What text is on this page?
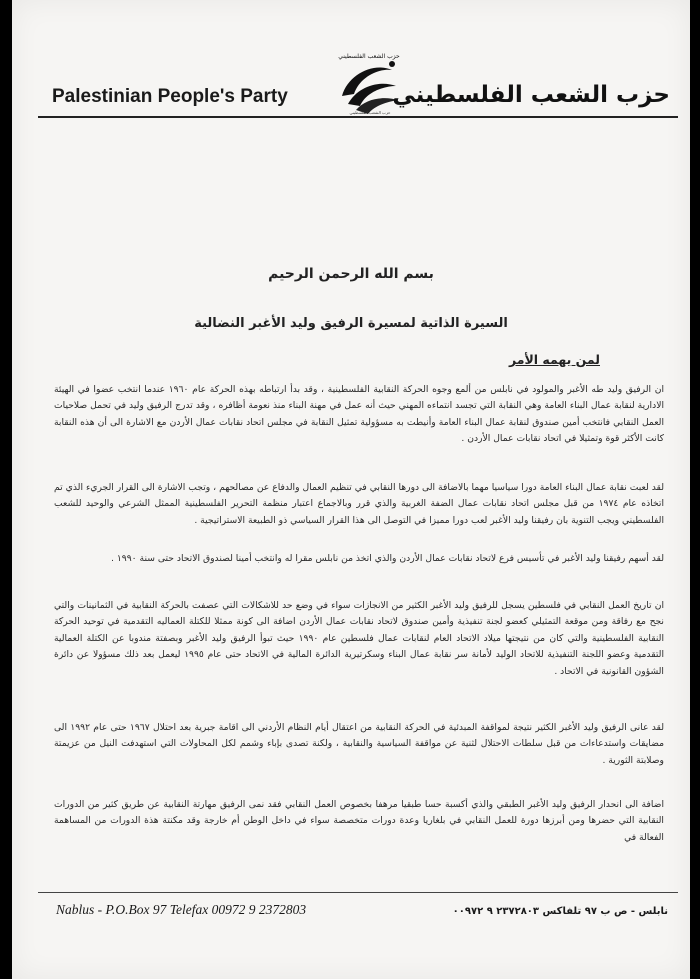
حزب الشعب الفلسطيني
حزب الشعب الفلسطيني
Palestinian People's Party	حزب الشعب الفلسطيني
بسم الله الرحمن الرحيم
السيرة الذاتية لمسيرة الرفيق وليد الأغبر النضالية
لمن يهمه الأمر

ان الرفيق وليد طه الأغبر والمولود في نابلس من ألمع وجوه الحركة النقابية الفلسطينية ، وقد بدأ ارتباطه بهذه الحركة عام ١٩٦٠ عندما انتخب عضوا في الهيئة الادارية لنقابة عمال البناء العامة وهي النقابة التي تجسد انتماءه المهني حيث أنه عمل في مهنة البناء منذ نعومة أظافره ، وقد تدرج الرفيق وليد في تحمل صلاحيات العمل النقابي فانتخب أمين صندوق لنقابة عمال البناء العامة وأنيطت به مسؤولية تمثيل النقابة في مجلس اتحاد نقابات عمال الأردن مع الاشارة الى أن هذه النقابة كانت الأكثر قوة وتمثيلا في اتحاد نقابات عمال الأردن .

لقد لعبت نقابة عمال البناء العامة دورا سياسيا مهما بالاضافة الى دورها النقابي في تنظيم العمال والدفاع عن مصالحهم ، وتجب الاشارة الى القرار الجريء الذي تم اتخاذه عام ١٩٧٤ من قبل مجلس اتحاد نقابات عمال الضفة الغربية والذي قرر وبالاجماع اعتبار منظمة التحرير الفلسطينية الممثل الشرعي والوحيد للشعب الفلسطيني ويجب التنوية بان رفيقنا وليد الأغبر لعب دورا مميزا في التوصل الى هذا القرار السياسي ذو الطبيعة الاستراتيجية .

لقد أسهم رفيقنا وليد الأغبر في تأسيس فرع لاتحاد نقابات عمال الأردن والذي اتخذ من نابلس مقرا له وانتخب أمينا لصندوق الاتحاد حتى سنة ١٩٩٠ .

ان تاريخ العمل النقابي في فلسطين يسجل للرفيق وليد الأغبر الكثير من الانجازات سواء في وضع حد للاشكالات التي عصفت بالحركة النقابية في الثمانينات والتي نجح مع رفاقة ومن موقعة التمثيلي كعضو لجنة تنفيذية وأمين صندوق لاتحاد نقابات عمال الأردن اضافة الى كونة ممثلا للكتلة العماليه التقدمية في توحيد الحركة النقابية الفلسطينية والتي كان من نتيجتها ميلاد الاتحاد العام لنقابات عمال فلسطين عام ١٩٩٠ حيث تبوأ الرفيق وليد الأغبر وبصفتة مندوبا عن الكتلة العمالية التقدمية وعضو اللجنة التنفيذية للاتحاد الوليد لأمانة سر نقابة عمال البناء وسكرتيرية الدائرة المالية في الاتحاد حتى عام ١٩٩٥ ليعمل بعد ذلك مسؤولا عن دائرة الشؤون القانونية في الاتحاد .

لقد عانى الرفيق وليد الأغبر الكثير نتيجة لمواقفة المبدئية في الحركة النقابية من اعتقال أيام النظام الأردني الى اقامة جبرية بعد احتلال ١٩٦٧ حتى عام ١٩٩٢ الى مضايقات واستدعاءات من قبل سلطات الاحتلال لثنية عن مواقفة السياسية والنقابية ، ولكنة تصدى بإباء وشمم لكل المحاولات التي استهدفت النيل من عزيمتة وصلابتة الثورية .

اضافة الى انحدار الرفيق وليد الأغبر الطبقي والذي أكسبة حسا طبقيا مرهفا بخصوص العمل النقابي فقد نمى الرفيق مهارتة النقابية عن طريق كثير من الدورات النقابية التي حضرها ومن أبرزها دورة للعمل النقابي في بلغاريا وعدة دورات متخصصة سواء في داخل الوطن أم خارجة وقد مكنتة هذة الدورات من المساهمة الفعالة في

Nablus - P.O.Box 97 Telefax 00972 9 2372803	نابلس - ص ب ٩٧ تلفاكس ٢٣٧٢٨٠٣ ٩ ٠٠٩٧٢
